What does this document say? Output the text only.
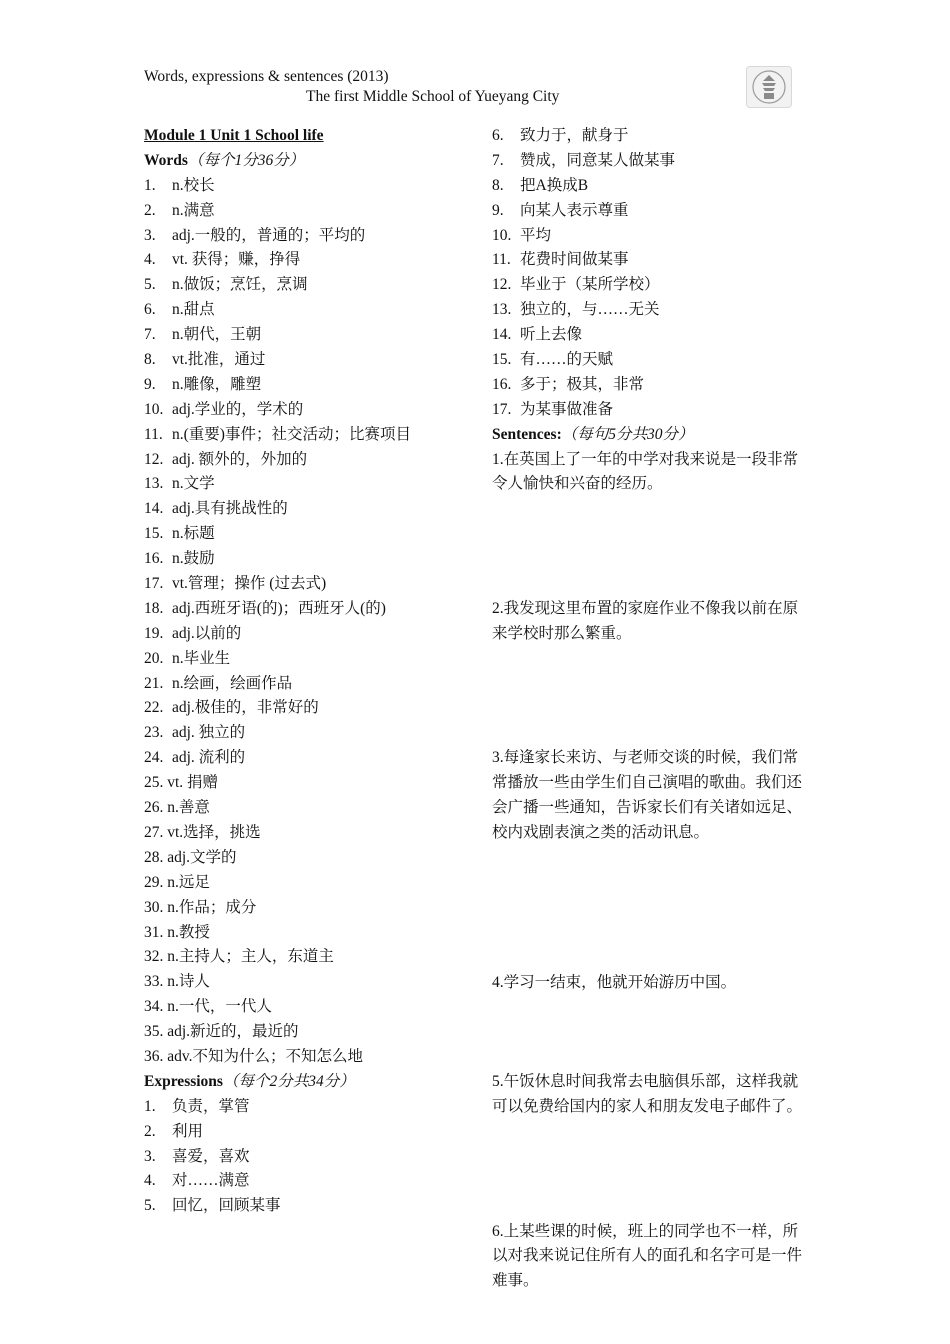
Words, expressions & sentences (2013)
The first Middle School of Yueyang City
Module 1 Unit 1 School life
Words（每个1分36分）
1. n.校长
2. n.满意
3. adj.一般的，普通的；平均的
4. vt. 获得；赚，挣得
5. n.做饭；烹饪，烹调
6. n.甜点
7. n.朝代，王朝
8. vt.批准，通过
9. n.雕像，雕塑
10. adj.学业的，学术的
11. n.(重要)事件；社交活动；比赛项目
12. adj. 额外的，外加的
13. n.文学
14. adj.具有挑战性的
15. n.标题
16. n.鼓励
17. vt.管理；操作 (过去式)
18. adj.西班牙语(的)；西班牙人(的)
19. adj.以前的
20. n.毕业生
21. n.绘画，绘画作品
22. adj.极佳的，非常好的
23. adj. 独立的
24. adj. 流利的
25. vt. 捐赠
26. n.善意
27. vt.选择，挑选
28. adj.文学的
29. n.远足
30. n.作品；成分
31. n.教授
32. n.主持人；主人，东道主
33. n.诗人
34. n.一代，一代人
35. adj.新近的，最近的
36. adv.不知为什么；不知怎么地
Expressions（每个2分共34分）
1. 负责，掌管
2. 利用
3. 喜爱，喜欢
4. 对……满意
5. 回忆，回顾某事
6. 致力于，献身于
7. 赞成，同意某人做某事
8. 把A换成B
9. 向某人表示尊重
10. 平均
11. 花费时间做某事
12. 毕业于（某所学校）
13. 独立的，与……无关
14. 听上去像
15. 有……的天赋
16. 多于；极其，非常
17. 为某事做准备
Sentences:（每句5分共30分）
1.在英国上了一年的中学对我来说是一段非常令人愉快和兴奋的经历。
2.我发现这里布置的家庭作业不像我以前在原来学校时那么繁重。
3.每逢家长来访、与老师交谈的时候，我们常常播放一些由学生们自己演唱的歌曲。我们还会广播一些通知，告诉家长们有关诸如远足、校内戏剧表演之类的活动讯息。
4.学习一结束，他就开始游历中国。
5.午饭休息时间我常去电脑俱乐部，这样我就可以免费给国内的家人和朋友发电子邮件了。
6.上某些课的时候，班上的同学也不一样，所以对我来说记住所有人的面孔和名字可是一件难事。
